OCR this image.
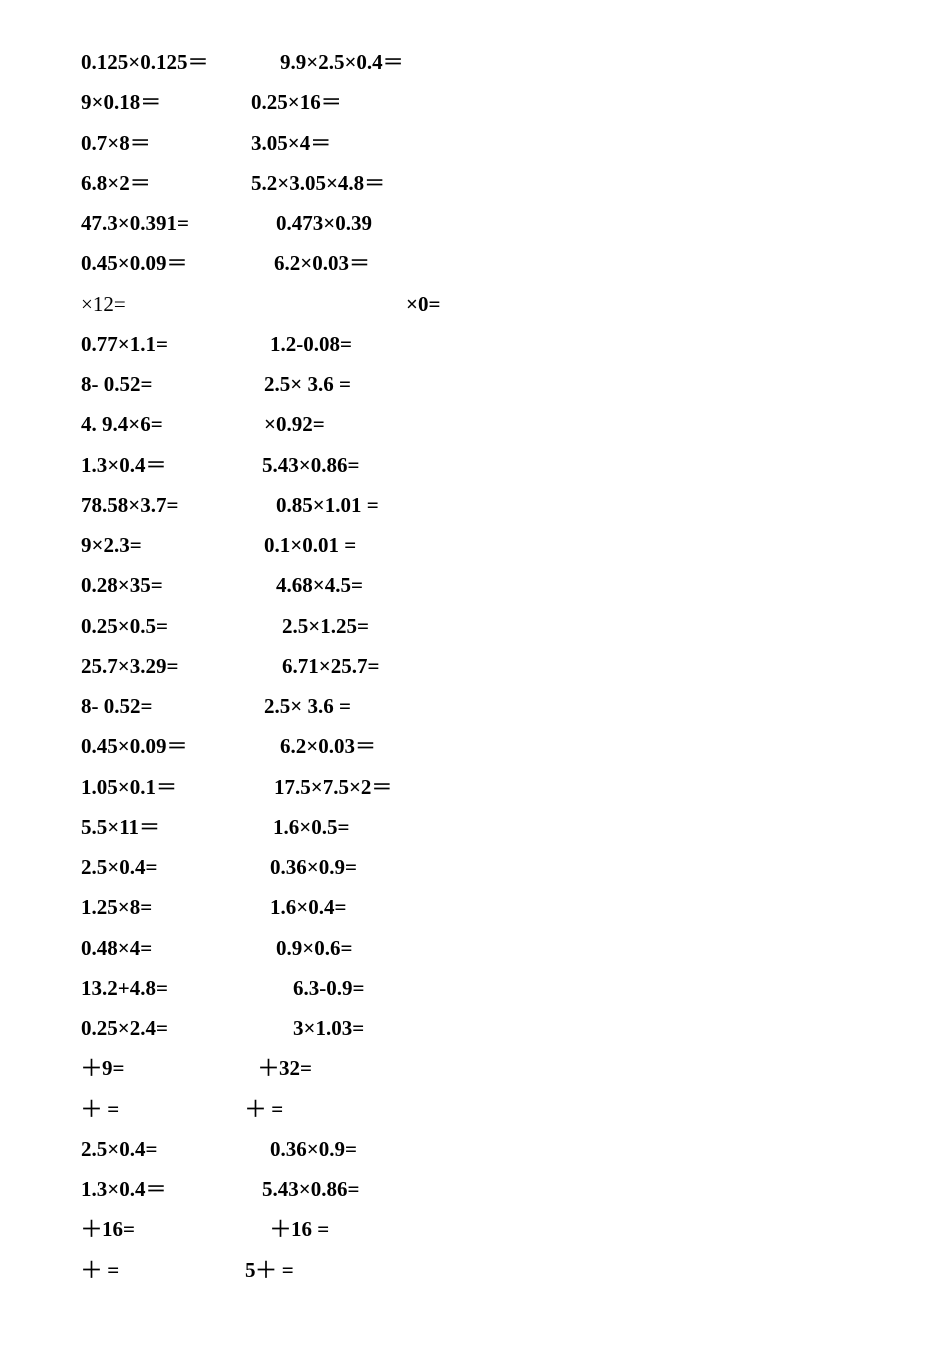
0.125×0.125＝	9.9×2.5×0.4＝
9×0.18＝	0.25×16＝
0.7×8＝	3.05×4＝
6.8×2＝	5.2×3.05×4.8＝
47.3×0.391=	0.473×0.39
0.45×0.09＝	6.2×0.03＝
×12=	×0=
0.77×1.1=	1.2-0.08=
8- 0.52=	2.5× 3.6 =
4. 9.4×6=	×0.92=
1.3×0.4＝	5.43×0.86=
78.58×3.7=	0.85×1.01 =
9×2.3=	0.1×0.01 =
0.28×35=	4.68×4.5=
0.25×0.5=	2.5×1.25=
25.7×3.29=	6.71×25.7=
8- 0.52=	2.5× 3.6 =
0.45×0.09＝	6.2×0.03＝
1.05×0.1＝	17.5×7.5×2＝
5.5×11＝	1.6×0.5=
2.5×0.4=	0.36×0.9=
1.25×8=	1.6×0.4=
0.48×4=	0.9×0.6=
13.2+4.8=	6.3-0.9=
0.25×2.4=	3×1.03=
＋9=	＋32=
＋ =	＋ =
2.5×0.4=	0.36×0.9=
1.3×0.4＝	5.43×0.86=
＋16=	＋16 =
＋ =	5＋ =
